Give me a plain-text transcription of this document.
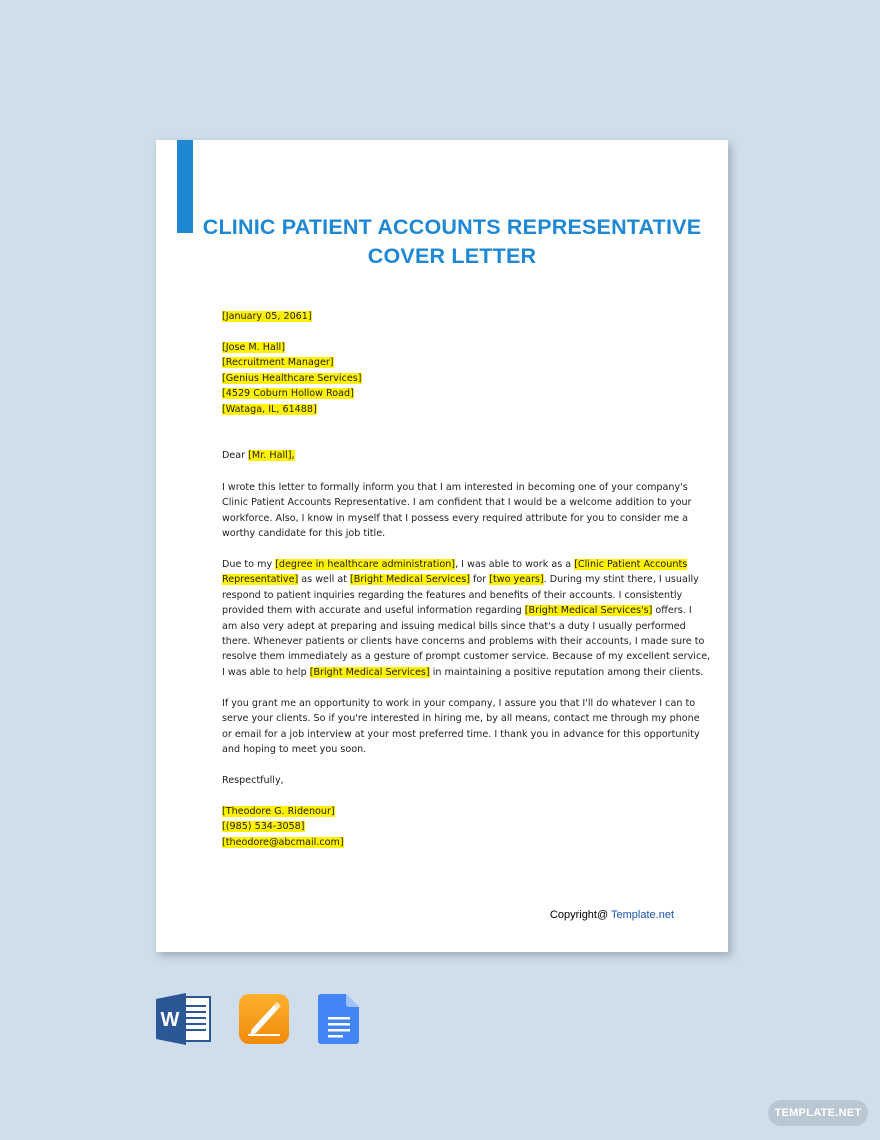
CLINIC PATIENT ACCOUNTS REPRESENTATIVE
COVER LETTER
[January 05, 2061]
[Jose M. Hall]
[Recruitment Manager]
[Genius Healthcare Services]
[4529 Coburn Hollow Road]
[Wataga, IL, 61488]
Dear [Mr. Hall],
I wrote this letter to formally inform you that I am interested in becoming one of your company's
Clinic Patient Accounts Representative. I am confident that I would be a welcome addition to your
workforce. Also, I know in myself that I possess every required attribute for you to consider me a
worthy candidate for this job title.
Due to my [degree in healthcare administration], I was able to work as a [Clinic Patient Accounts
Representative] as well at [Bright Medical Services] for [two years]. During my stint there, I usually
respond to patient inquiries regarding the features and benefits of their accounts. I consistently
provided them with accurate and useful information regarding [Bright Medical Services's] offers. I
am also very adept at preparing and issuing medical bills since that's a duty I usually performed
there. Whenever patients or clients have concerns and problems with their accounts, I made sure to
resolve them immediately as a gesture of prompt customer service. Because of my excellent service,
I was able to help [Bright Medical Services] in maintaining a positive reputation among their clients.
If you grant me an opportunity to work in your company, I assure you that I'll do whatever I can to
serve your clients. So if you're interested in hiring me, by all means, contact me through my phone
or email for a job interview at your most preferred time. I thank you in advance for this opportunity
and hoping to meet you soon.
Respectfully,
[Theodore G. Ridenour]
[(985) 534-3058]
[theodore@abcmail.com]
Copyright@ Template.net
W
TEMPLATE.NET
